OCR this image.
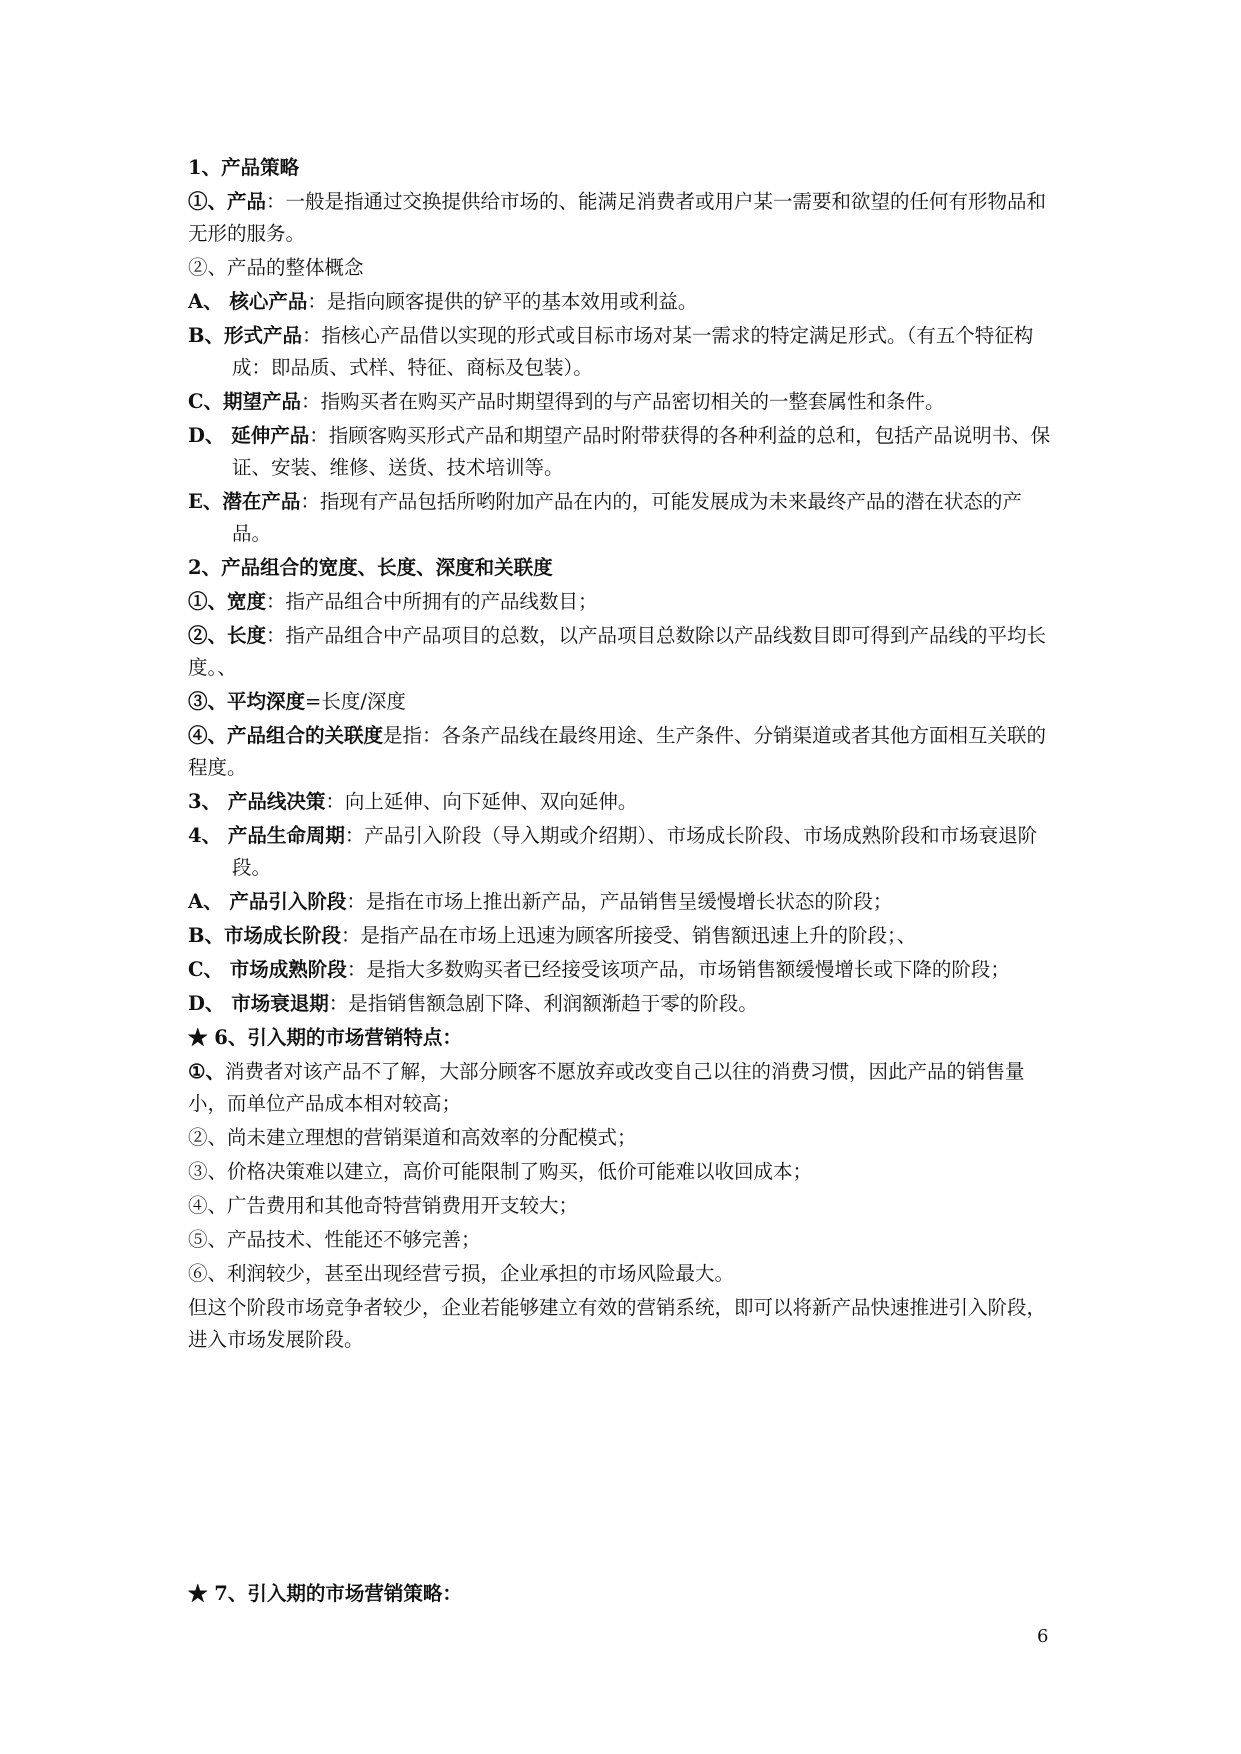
1、产品策略

①、产品：一般是指通过交换提供给市场的、能满足消费者或用户某一需要和欲望的任何有形物品和无形的服务。

②、产品的整体概念

A、 核心产品：是指向顾客提供的铲平的基本效用或利益。

B、形式产品：指核心产品借以实现的形式或目标市场对某一需求的特定满足形式。（有五个特征构成：即品质、式样、特征、商标及包装）。

C、期望产品：指购买者在购买产品时期望得到的与产品密切相关的一整套属性和条件。

D、 延伸产品：指顾客购买形式产品和期望产品时附带获得的各种利益的总和，包括产品说明书、保证、安装、维修、送货、技术培训等。

E、潜在产品：指现有产品包括所哟附加产品在内的，可能发展成为未来最终产品的潜在状态的产品。

2、产品组合的宽度、长度、深度和关联度

①、宽度：指产品组合中所拥有的产品线数目；

②、长度：指产品组合中产品项目的总数，以产品项目总数除以产品线数目即可得到产品线的平均长度。、

③、平均深度=长度/深度

④、产品组合的关联度是指：各条产品线在最终用途、生产条件、分销渠道或者其他方面相互关联的程度。

3、 产品线决策：向上延伸、向下延伸、双向延伸。

4、 产品生命周期：产品引入阶段（导入期或介绍期）、市场成长阶段、市场成熟阶段和市场衰退阶段。

A、 产品引入阶段：是指在市场上推出新产品，产品销售呈缓慢增长状态的阶段；

B、市场成长阶段：是指产品在市场上迅速为顾客所接受、销售额迅速上升的阶段；、

C、 市场成熟阶段：是指大多数购买者已经接受该项产品，市场销售额缓慢增长或下降的阶段；

D、 市场衰退期：是指销售额急剧下降、利润额渐趋于零的阶段。

★ 6、引入期的市场营销特点：

①、消费者对该产品不了解，大部分顾客不愿放弃或改变自己以往的消费习惯，因此产品的销售量小，而单位产品成本相对较高；

②、尚未建立理想的营销渠道和高效率的分配模式；

③、价格决策难以建立，高价可能限制了购买，低价可能难以收回成本；

④、广告费用和其他奇特营销费用开支较大；

⑤、产品技术、性能还不够完善；

⑥、利润较少，甚至出现经营亏损，企业承担的市场风险最大。

但这个阶段市场竞争者较少，企业若能够建立有效的营销系统，即可以将新产品快速推进引入阶段，进入市场发展阶段。

★ 7、引入期的市场营销策略：

6
